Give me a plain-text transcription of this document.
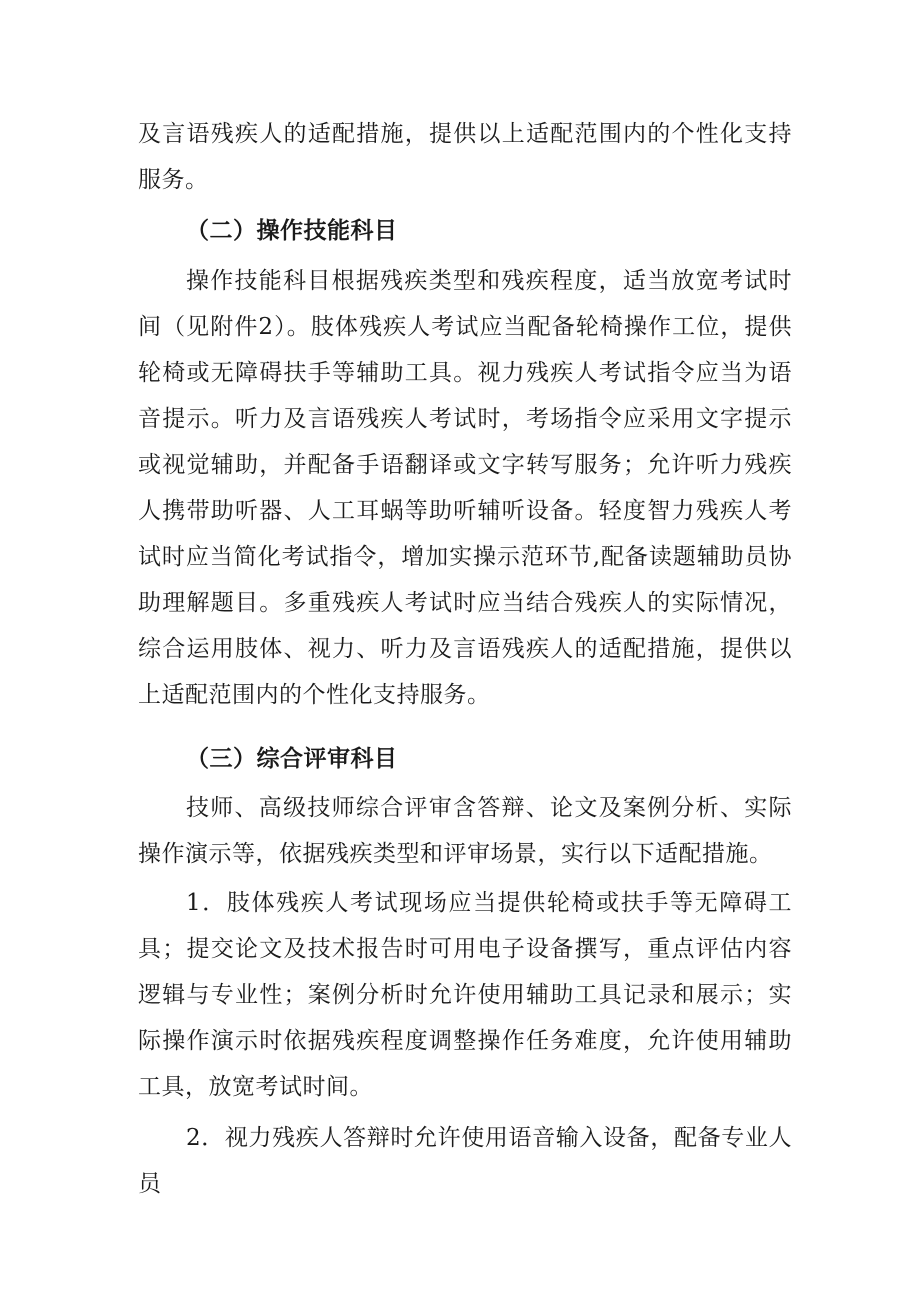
及言语残疾人的适配措施，提供以上适配范围内的个性化支持服务。
（二）操作技能科目
操作技能科目根据残疾类型和残疾程度，适当放宽考试时间（见附件2）。肢体残疾人考试应当配备轮椅操作工位，提供轮椅或无障碍扶手等辅助工具。视力残疾人考试指令应当为语音提示。听力及言语残疾人考试时，考场指令应采用文字提示或视觉辅助，并配备手语翻译或文字转写服务；允许听力残疾人携带助听器、人工耳蜗等助听辅听设备。轻度智力残疾人考试时应当简化考试指令，增加实操示范环节,配备读题辅助员协助理解题目。多重残疾人考试时应当结合残疾人的实际情况，综合运用肢体、视力、听力及言语残疾人的适配措施，提供以上适配范围内的个性化支持服务。
（三）综合评审科目
技师、高级技师综合评审含答辩、论文及案例分析、实际操作演示等，依据残疾类型和评审场景，实行以下适配措施。
1．肢体残疾人考试现场应当提供轮椅或扶手等无障碍工具；提交论文及技术报告时可用电子设备撰写，重点评估内容逻辑与专业性；案例分析时允许使用辅助工具记录和展示；实际操作演示时依据残疾程度调整操作任务难度，允许使用辅助工具，放宽考试时间。
2．视力残疾人答辩时允许使用语音输入设备，配备专业人员
